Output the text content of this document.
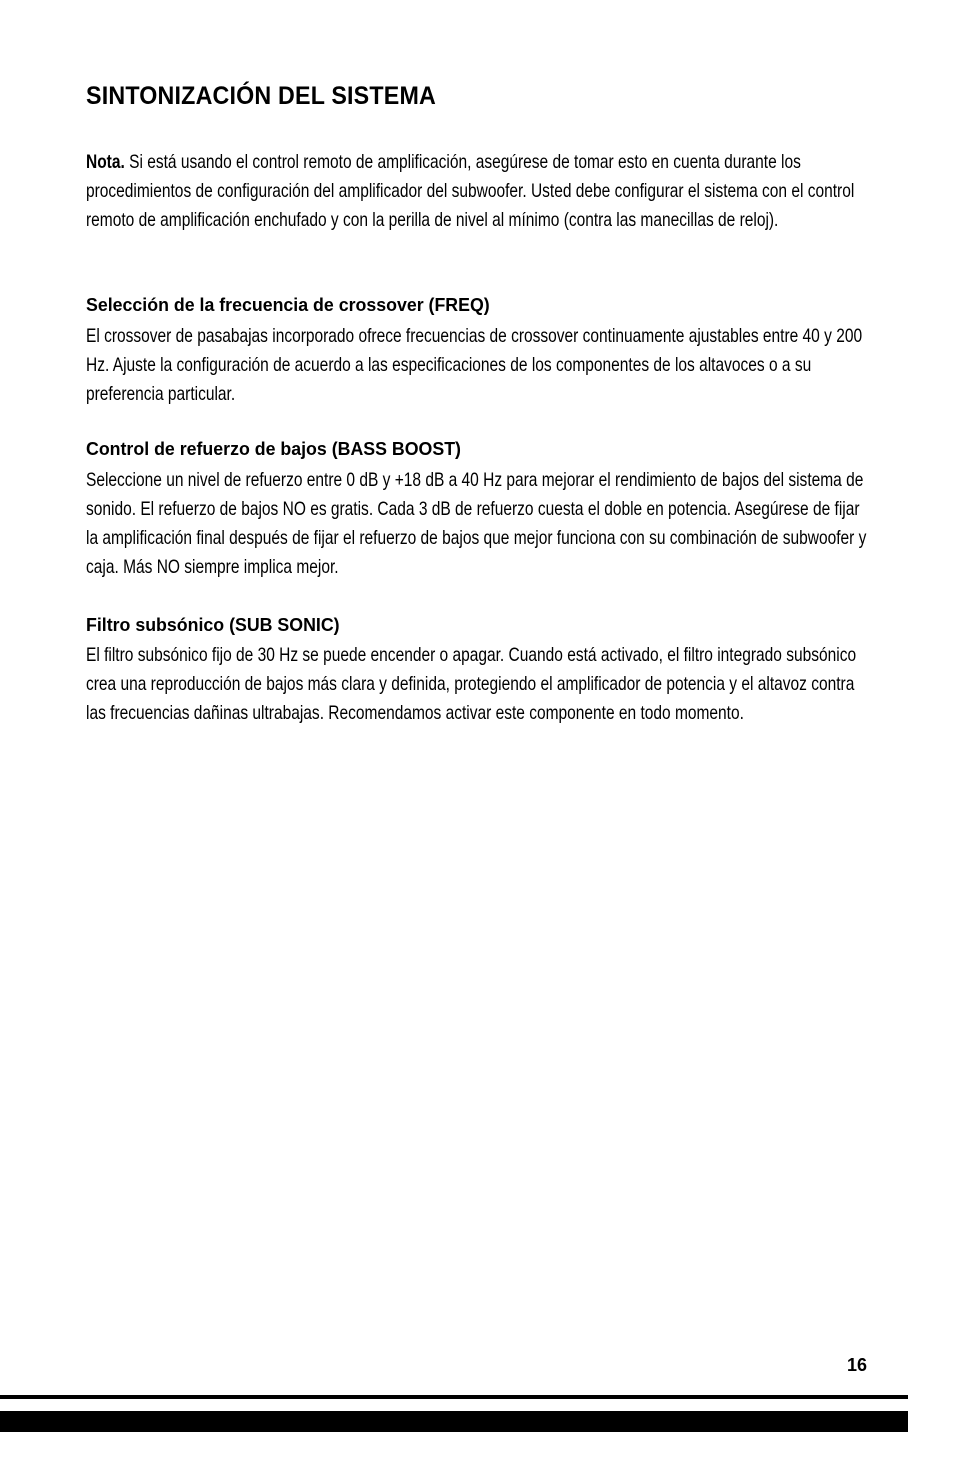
SINTONIZACIÓN DEL SISTEMA

Nota. Si está usando el control remoto de amplificación, asegúrese de tomar esto en cuenta durante los procedimientos de configuración del amplificador del subwoofer. Usted debe configurar el sistema con el control remoto de amplificación enchufado y con la perilla de nivel al mínimo (contra las manecillas de reloj).

Selección de la frecuencia de crossover (FREQ)

El crossover de pasabajas incorporado ofrece frecuencias de crossover continuamente ajustables entre 40 y 200 Hz. Ajuste la configuración de acuerdo a las especificaciones de los componentes de los altavoces o a su preferencia particular.

Control de refuerzo de bajos (BASS BOOST)

Seleccione un nivel de refuerzo entre 0 dB y +18 dB a 40 Hz para mejorar el rendimiento de bajos del sistema de sonido. El refuerzo de bajos NO es gratis. Cada 3 dB de refuerzo cuesta el doble en potencia. Asegúrese de fijar la amplificación final después de fijar el refuerzo de bajos que mejor funciona con su combinación de subwoofer y caja. Más NO siempre implica mejor.

Filtro subsónico (SUB SONIC)

El filtro subsónico fijo de 30 Hz se puede encender o apagar. Cuando está activado, el filtro integrado subsónico crea una reproducción de bajos más clara y definida, protegiendo el amplificador de potencia y el altavoz contra las frecuencias dañinas ultrabajas. Recomendamos activar este componente en todo momento.

16
